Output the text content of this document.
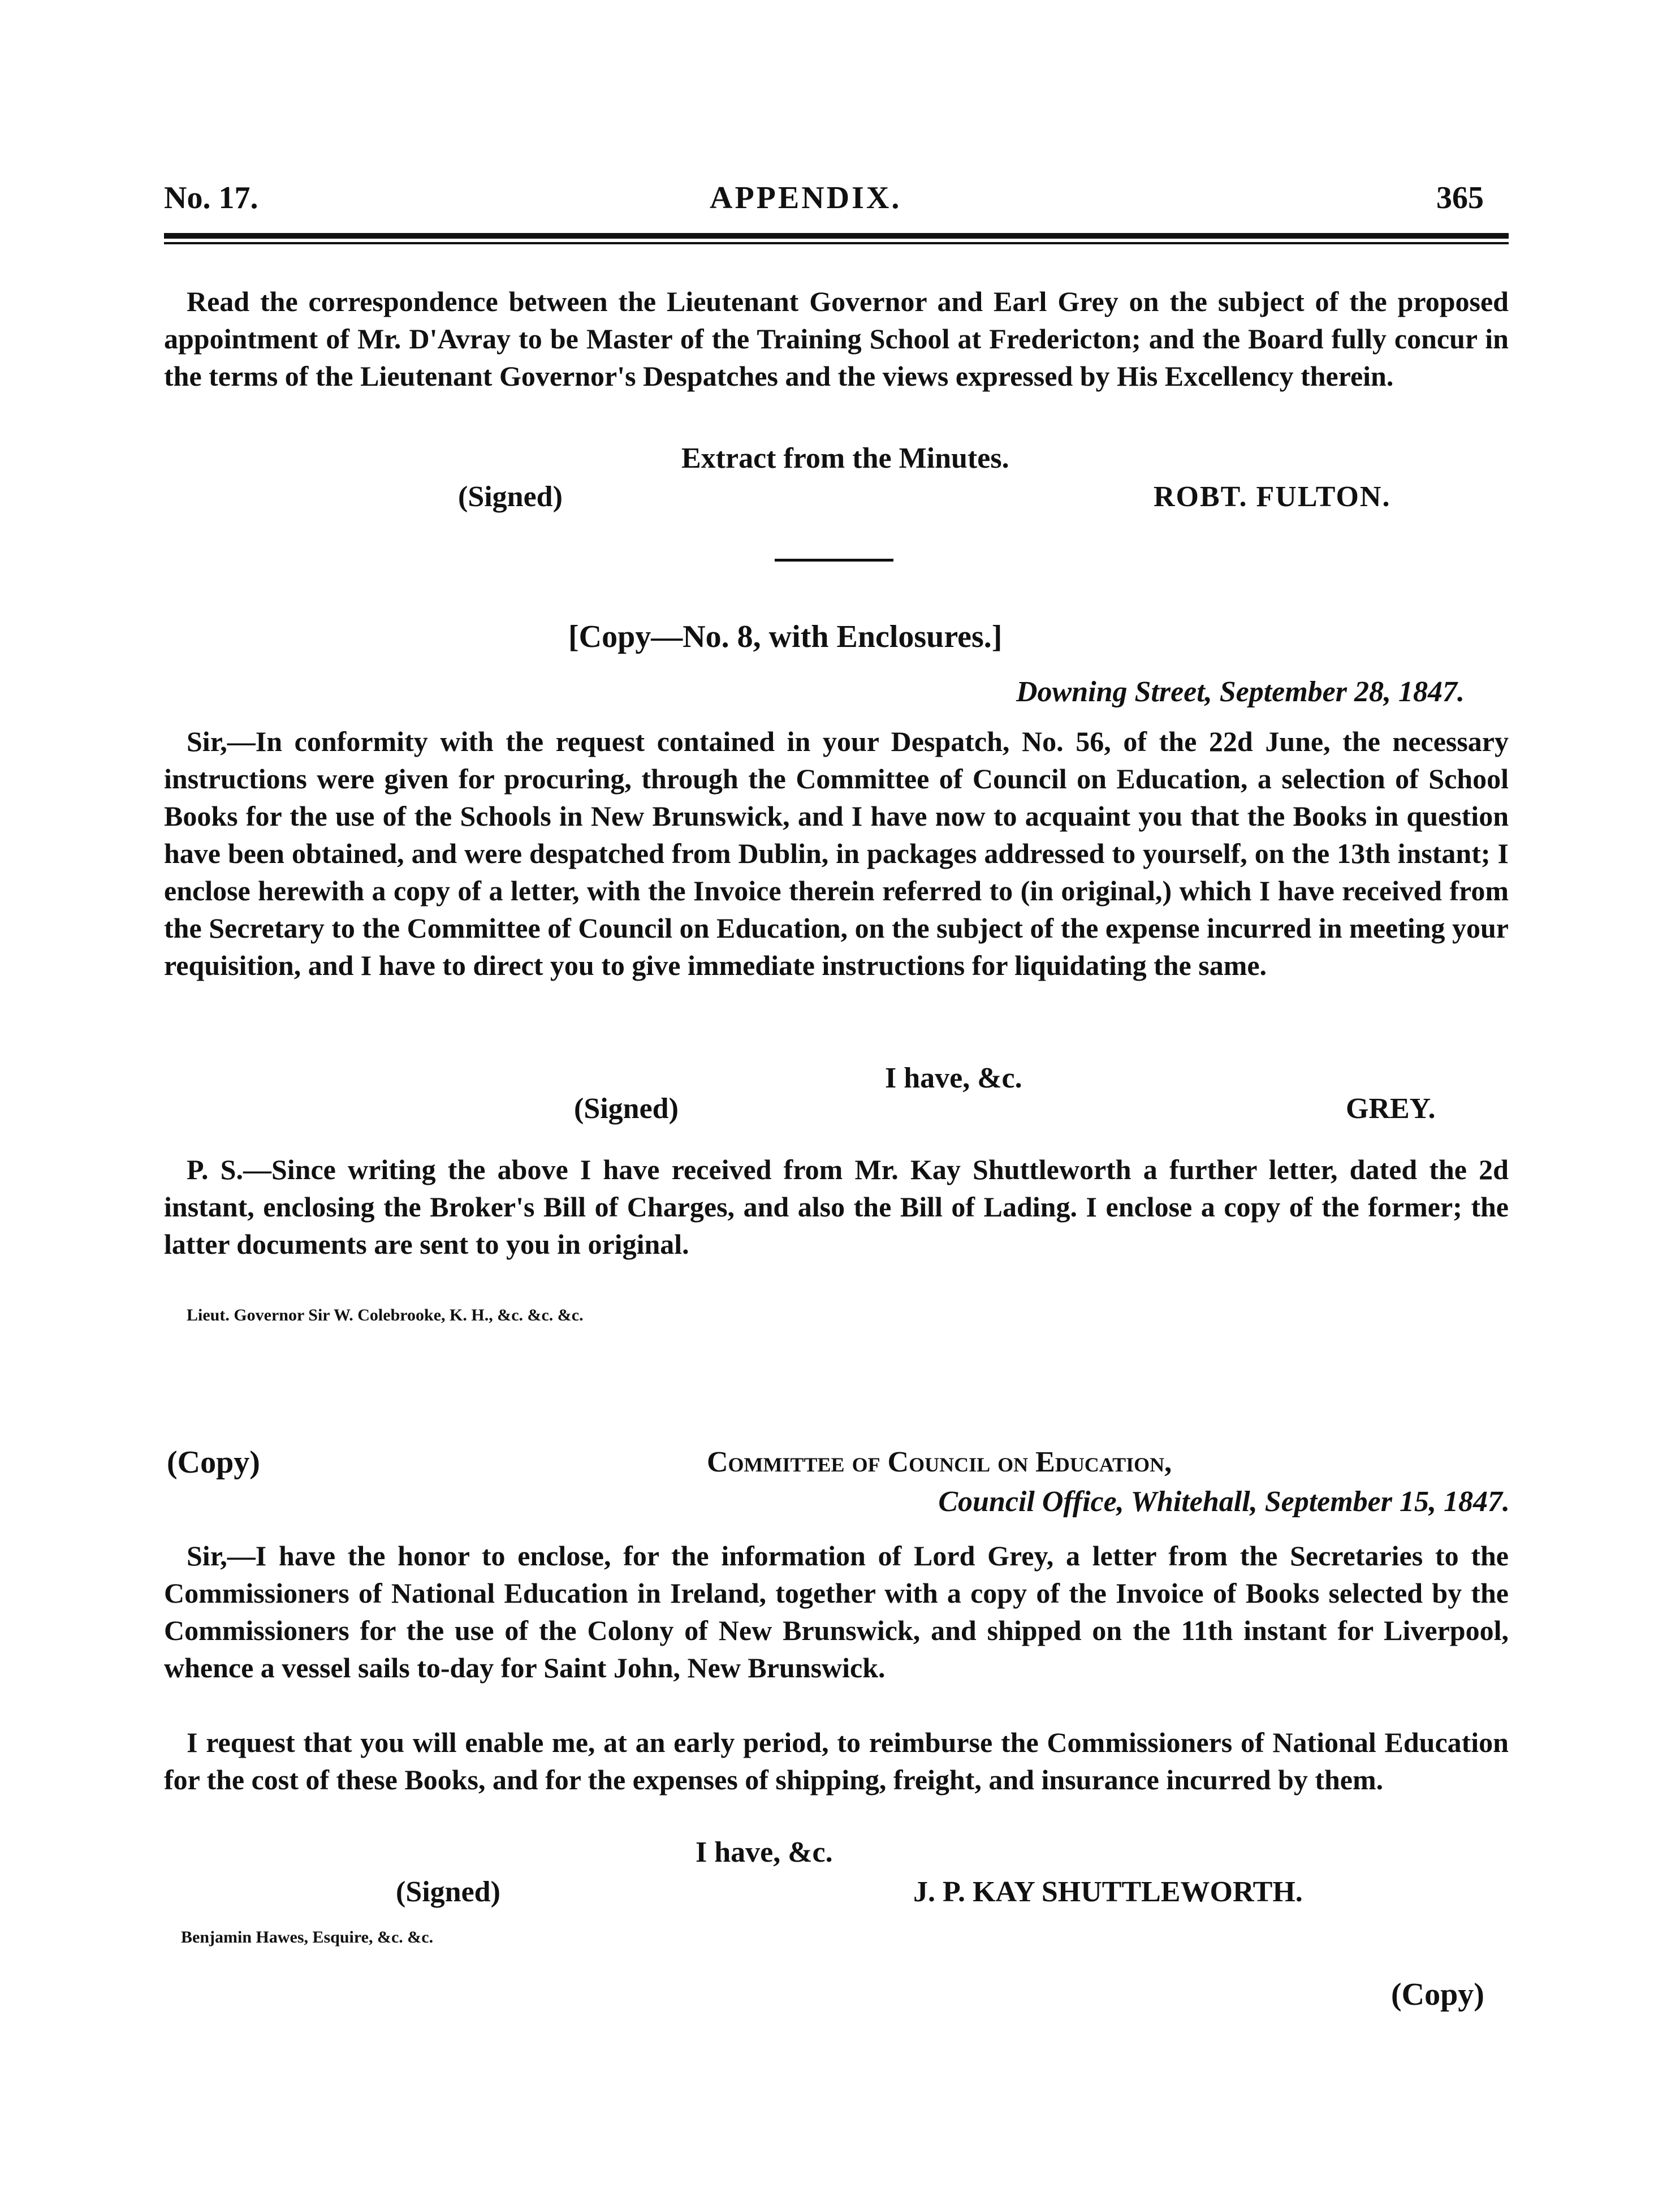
No. 17.	APPENDIX.	365
Read the correspondence between the Lieutenant Governor and Earl Grey on the subject of the proposed appointment of Mr. D'Avray to be Master of the Training School at Fredericton; and the Board fully concur in the terms of the Lieutenant Governor's Despatches and the views expressed by His Excellency therein.
Extract from the Minutes.
(Signed)	ROBT. FULTON.
[Copy—No. 8, with Enclosures.]
Downing Street, September 28, 1847.
Sir,—In conformity with the request contained in your Despatch, No. 56, of the 22d June, the necessary instructions were given for procuring, through the Committee of Council on Education, a selection of School Books for the use of the Schools in New Brunswick, and I have now to acquaint you that the Books in question have been obtained, and were despatched from Dublin, in packages addressed to yourself, on the 13th instant; I enclose herewith a copy of a letter, with the Invoice therein referred to (in original,) which I have received from the Secretary to the Committee of Council on Education, on the subject of the expense incurred in meeting your requisition, and I have to direct you to give immediate instructions for liquidating the same.
I have, &c.
(Signed)	GREY.
P. S.—Since writing the above I have received from Mr. Kay Shuttleworth a further letter, dated the 2d instant, enclosing the Broker's Bill of Charges, and also the Bill of Lading. I enclose a copy of the former; the latter documents are sent to you in original.
Lieut. Governor Sir W. Colebrooke, K. H., &c. &c. &c.
(Copy)	Committee of Council on Education,
Council Office, Whitehall, September 15, 1847.
Sir,—I have the honor to enclose, for the information of Lord Grey, a letter from the Secretaries to the Commissioners of National Education in Ireland, together with a copy of the Invoice of Books selected by the Commissioners for the use of the Colony of New Brunswick, and shipped on the 11th instant for Liverpool, whence a vessel sails to-day for Saint John, New Brunswick.
I request that you will enable me, at an early period, to reimburse the Commissioners of National Education for the cost of these Books, and for the expenses of shipping, freight, and insurance incurred by them.
I have, &c.
(Signed)	J. P. KAY SHUTTLEWORTH.
Benjamin Hawes, Esquire, &c. &c.
(Copy)
